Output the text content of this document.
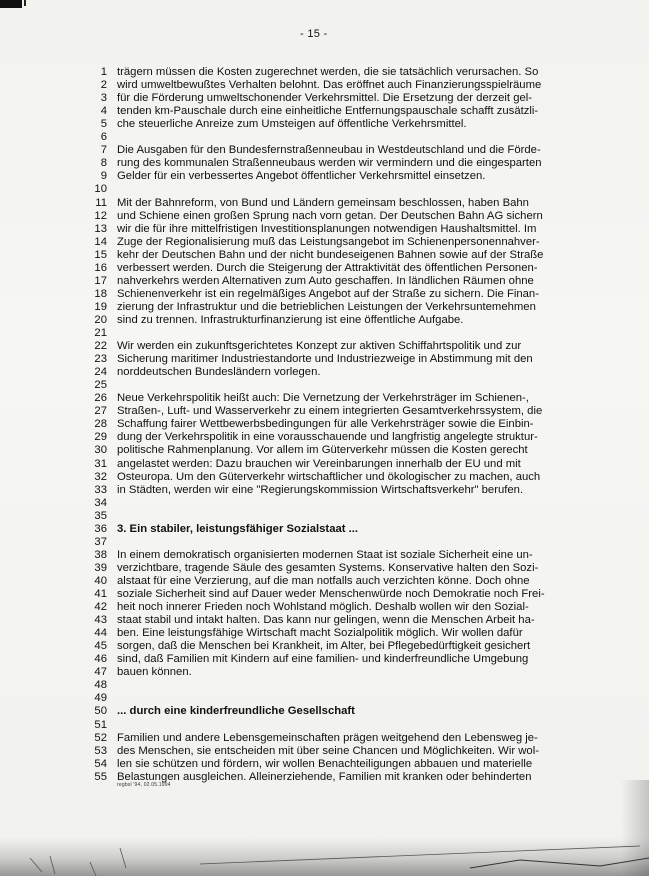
- 15 -
1 trägern müssen die Kosten zugerechnet werden, die sie tatsächlich verursachen. So
2 wird umweltbewußtes Verhalten belohnt. Das eröffnet auch Finanzierungsspielräume
3 für die Förderung umweltschonender Verkehrsmittel. Die Ersetzung der derzeit gel-
4 tenden km-Pauschale durch eine einheitliche Entfernungspauschale schafft zusätzli-
5 che steuerliche Anreize zum Umsteigen auf öffentliche Verkehrsmittel.
6
7 Die Ausgaben für den Bundesfernstraßenneubau in Westdeutschland und die Förde-
8 rung des kommunalen Straßenneubaus werden wir vermindern und die eingesparten
9 Gelder für ein verbessertes Angebot öffentlicher Verkehrsmittel einsetzen.
10
11 Mit der Bahnreform, von Bund und Ländern gemeinsam beschlossen, haben Bahn
12 und Schiene einen großen Sprung nach vorn getan. Der Deutschen Bahn AG sichern
13 wir die für ihre mittelfristigen Investitionsplanungen notwendigen Haushaltsmittel. Im
14 Zuge der Regionalisierung muß das Leistungsangebot im Schienenpersonennahver-
15 kehr der Deutschen Bahn und der nicht bundeseigenen Bahnen sowie auf der Straße
16 verbessert werden. Durch die Steigerung der Attraktivität des öffentlichen Personen-
17 nahverkehrs werden Alternativen zum Auto geschaffen. In ländlichen Räumen ohne
18 Schienenverkehr ist ein regelmäßiges Angebot auf der Straße zu sichern. Die Finan-
19 zierung der Infrastruktur und die betrieblichen Leistungen der Verkehrsuntemehmen
20 sind zu trennen. Infrastrukturfinanzierung ist eine öffentliche Aufgabe.
21
22 Wir werden ein zukunftsgerichtetes Konzept zur aktiven Schiffahrtspolitik und zur
23 Sicherung maritimer Industriestandorte und Industriezweige in Abstimmung mit den
24 norddeutschen Bundesländern vorlegen.
25
26 Neue Verkehrspolitik heißt auch: Die Vernetzung der Verkehrsträger im Schienen-,
27 Straßen-, Luft- und Wasserverkehr zu einem integrierten Gesamtverkehrssystem, die
28 Schaffung fairer Wettbewerbsbedingungen für alle Verkehrsträger sowie die Einbin-
29 dung der Verkehrspolitik in eine vorausschauende und langfristig angelegte struktur-
30 politische Rahmenplanung. Vor allem im Güterverkehr müssen die Kosten gerecht
31 angelastet werden: Dazu brauchen wir Vereinbarungen innerhalb der EU und mit
32 Osteuropa. Um den Güterverkehr wirtschaftlicher und ökologischer zu machen, auch
33 in Städten, werden wir eine "Regierungskommission Wirtschaftsverkehr" berufen.
34
35
36 3. Ein stabiler, leistungsfähiger Sozialstaat ...
37
38 In einem demokratisch organisierten modernen Staat ist soziale Sicherheit eine un-
39 verzichtbare, tragende Säule des gesamten Systems. Konservative halten den Sozi-
40 alstaat für eine Verzierung, auf die man notfalls auch verzichten könne. Doch ohne
41 soziale Sicherheit sind auf Dauer weder Menschenwürde noch Demokratie noch Frei-
42 heit noch innerer Frieden noch Wohlstand möglich. Deshalb wollen wir den Sozial-
43 staat stabil und intakt halten. Das kann nur gelingen, wenn die Menschen Arbeit ha-
44 ben. Eine leistungsfähige Wirtschaft macht Sozialpolitik möglich. Wir wollen dafür
45 sorgen, daß die Menschen bei Krankheit, im Alter, bei Pflegebedürftigkeit gesichert
46 sind, daß Familien mit Kindern auf eine familien- und kinderfreundliche Umgebung
47 bauen können.
48
49
50 ... durch eine kinderfreundliche Gesellschaft
51
52 Familien und andere Lebensgemeinschaften prägen weitgehend den Lebensweg je-
53 des Menschen, sie entscheiden mit über seine Chancen und Möglichkeiten. Wir wol-
54 len sie schützen und fördern, wir wollen Benachteiligungen abbauen und materielle
55 Belastungen ausgleichen. Alleinerziehende, Familien mit kranken oder behinderten
regbsl '94, 02.05.1994
